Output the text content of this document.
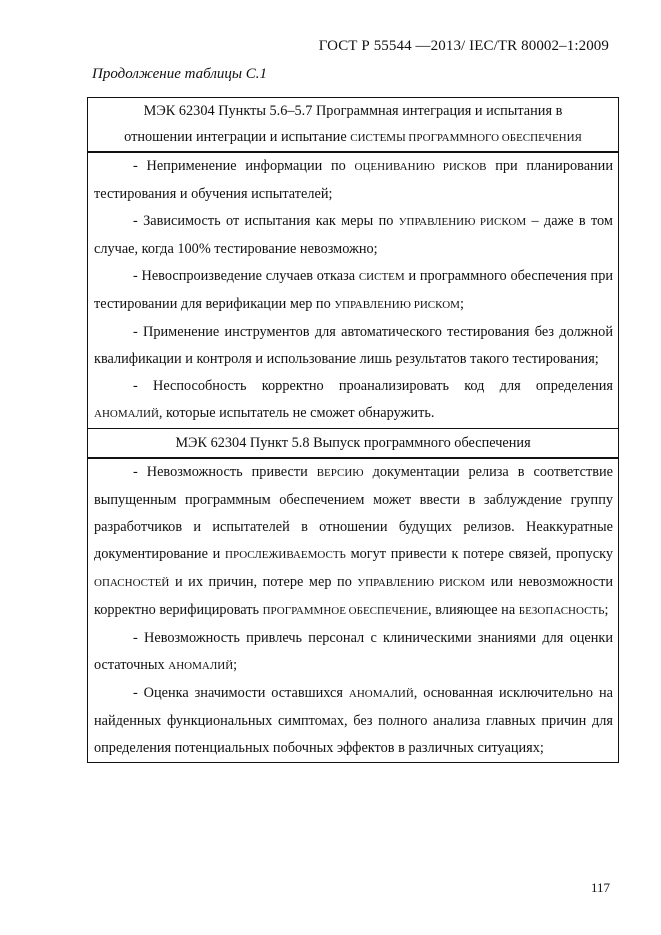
ГОСТ Р 55544 —2013/ IEC/TR 80002–1:2009
Продолжение таблицы С.1
МЭК 62304 Пункты 5.6–5.7 Программная интеграция и испытания в
отношении интеграции и испытание СИСТЕМЫ ПРОГРАММНОГО ОБЕСПЕЧЕНИЯ

- Неприменение информации по ОЦЕНИВАНИЮ РИСКОВ при планировании тестирования и обучения испытателей;

- Зависимость от испытания как меры по УПРАВЛЕНИЮ РИСКОМ – даже в том случае, когда 100% тестирование невозможно;

- Невоспроизведение случаев отказа СИСТЕМ и программного обеспечения при тестировании для верификации мер по УПРАВЛЕНИЮ РИСКОМ;

- Применение инструментов для автоматического тестирования без должной квалификации и контроля и использование лишь результатов такого тестирования;

- Неспособность корректно проанализировать код для определения АНОМАЛИЙ, которые испытатель не сможет обнаружить.

МЭК 62304 Пункт 5.8 Выпуск программного обеспечения

- Невозможность привести ВЕРСИЮ документации релиза в соответствие выпущенным программным обеспечением может ввести в заблуждение группу разработчиков и испытателей в отношении будущих релизов. Неаккуратные документирование и ПРОСЛЕЖИВАЕМОСТЬ могут привести к потере связей, пропуску ОПАСНОСТЕЙ и их причин, потере мер по УПРАВЛЕНИЮ РИСКОМ или невозможности корректно верифицировать ПРОГРАММНОЕ ОБЕСПЕЧЕНИЕ, влияющее на БЕЗОПАСНОСТЬ;

- Невозможность привлечь персонал с клиническими знаниями для оценки остаточных АНОМАЛИЙ;

- Оценка значимости оставшихся АНОМАЛИЙ, основанная исключительно на найденных функциональных симптомах, без полного анализа главных причин для определения потенциальных побочных эффектов в различных ситуациях;

117
